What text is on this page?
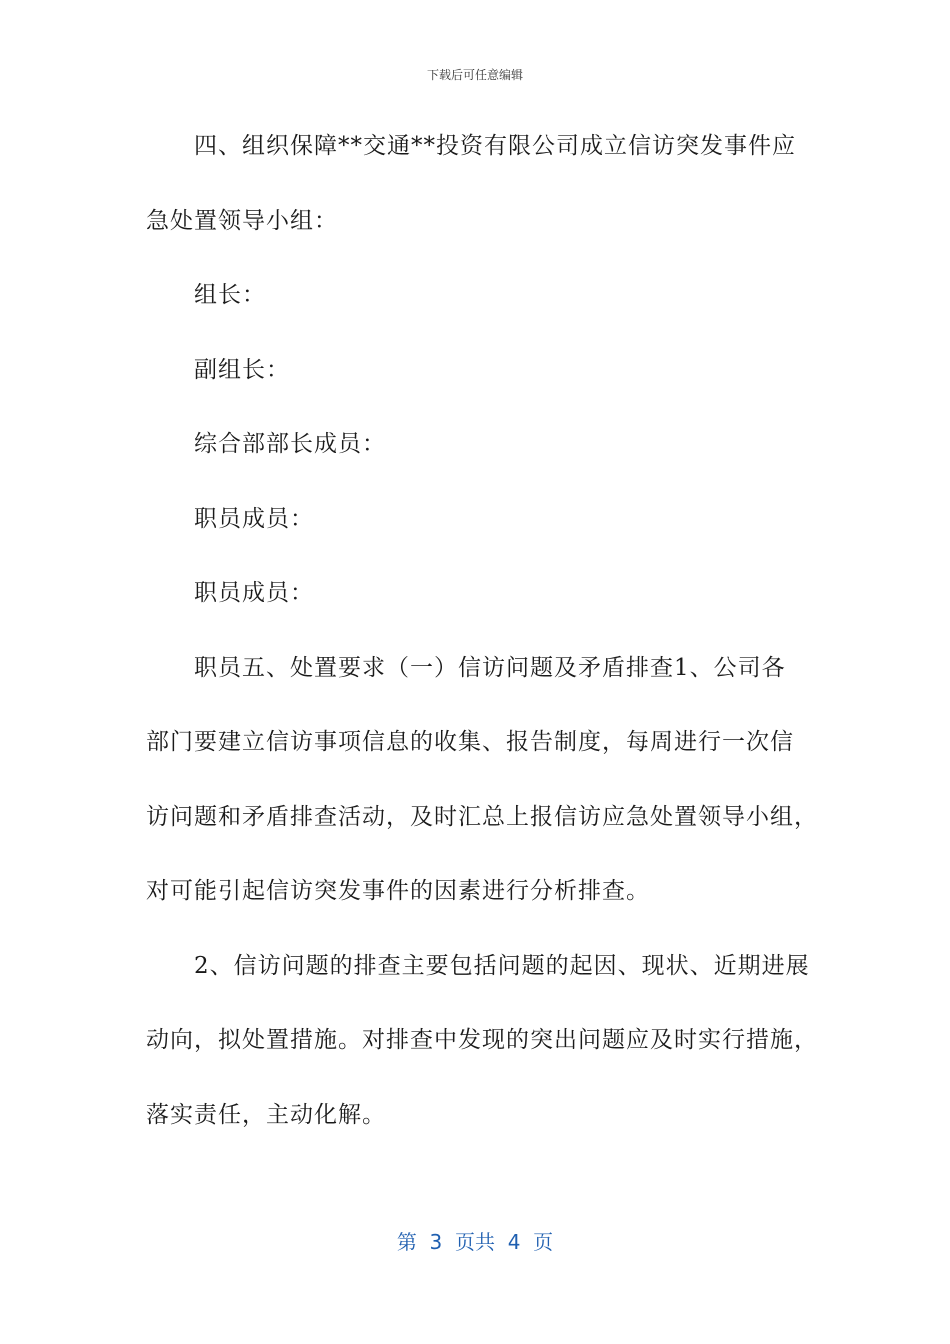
下载后可任意编辑
四、组织保障**交通**投资有限公司成立信访突发事件应
急处置领导小组：
组长：
副组长：
综合部部长成员：
职员成员：
职员成员：
职员五、处置要求（一）信访问题及矛盾排查1、公司各
部门要建立信访事项信息的收集、报告制度，每周进行一次信
访问题和矛盾排查活动，及时汇总上报信访应急处置领导小组，
对可能引起信访突发事件的因素进行分析排查。
2、信访问题的排查主要包括问题的起因、现状、近期进展
动向，拟处置措施。对排查中发现的突出问题应及时实行措施，
落实责任，主动化解。
第  3  页共  4  页
